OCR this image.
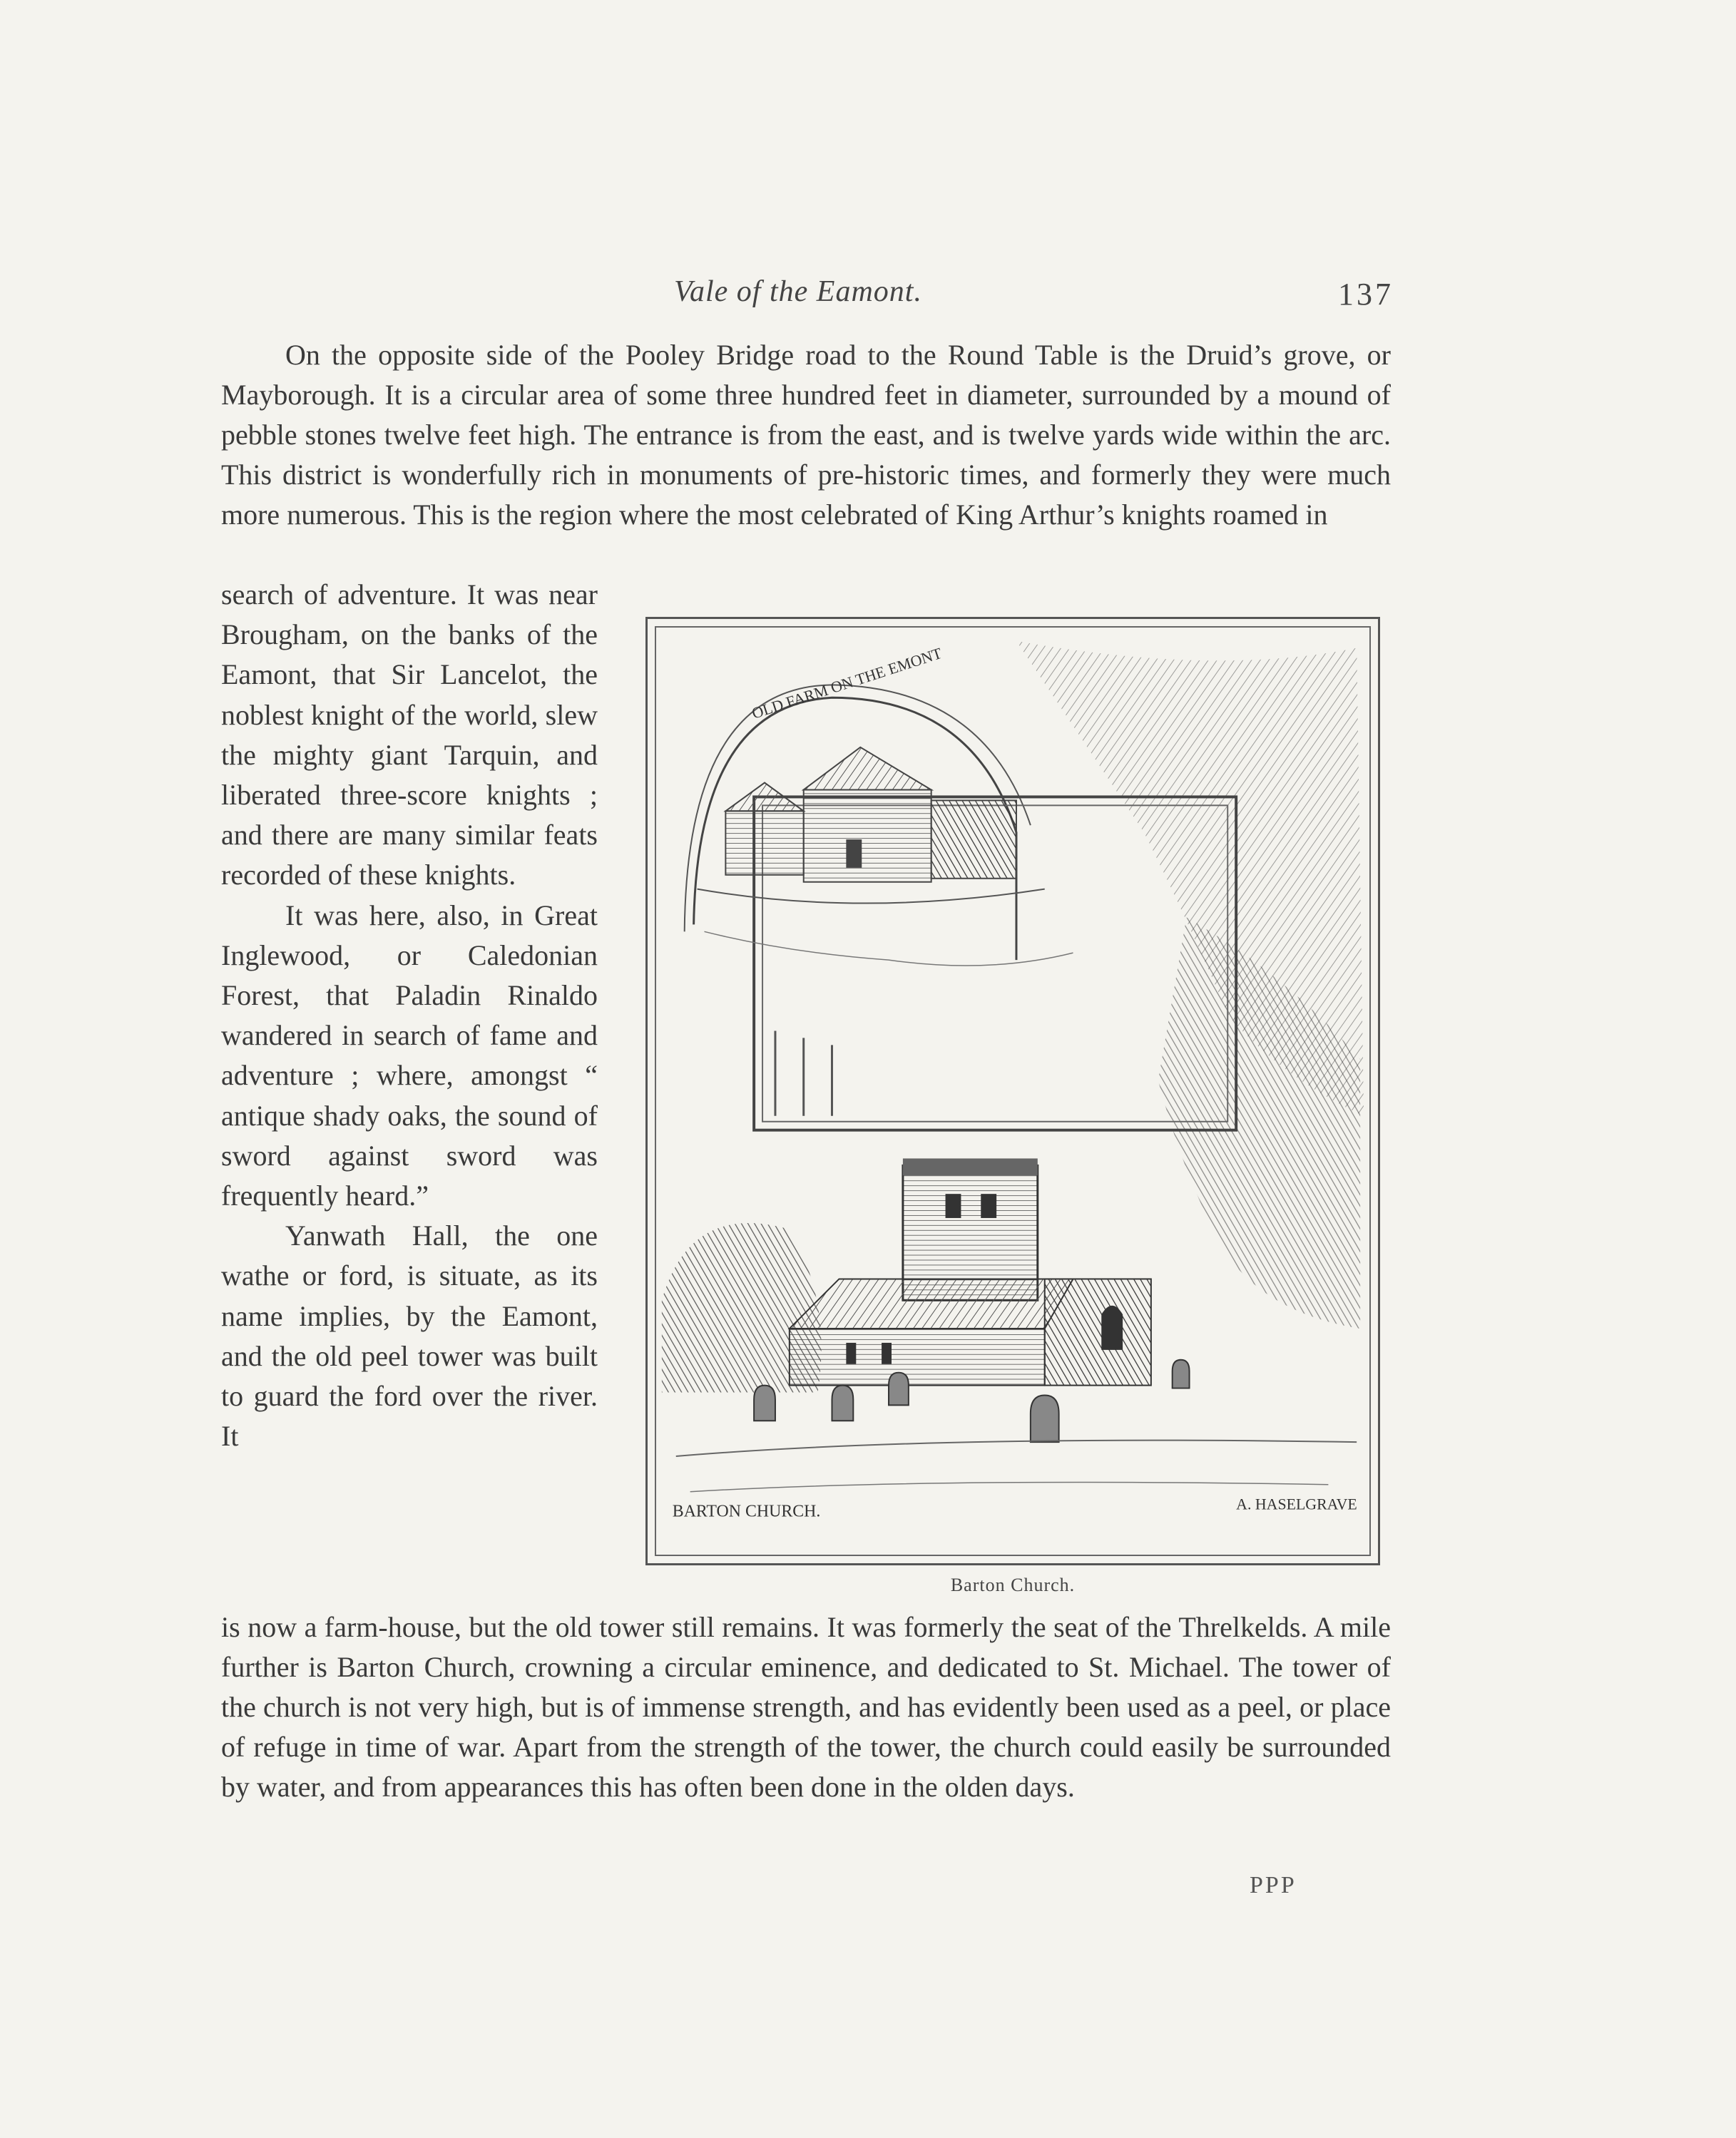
Vale of the Eamont.	137

On the opposite side of the Pooley Bridge road to the Round Table is the Druid’s grove, or Mayborough. It is a circular area of some three hundred feet in diameter, surrounded by a mound of pebble stones twelve feet high. The entrance is from the east, and is twelve yards wide within the arc. This district is wonderfully rich in monuments of pre-historic times, and formerly they were much more numerous. This is the region where the most celebrated of King Arthur’s knights roamed in

search of adventure. It was near Brougham, on the banks of the Eamont, that Sir Lancelot, the noblest knight of the world, slew the mighty giant Tarquin, and liberated three-score knights ; and there are many similar feats recorded of these knights.

It was here, also, in Great Inglewood, or Caledonian Forest, that Paladin Rinaldo wandered in search of fame and adventure ; where, amongst “ antique shady oaks, the sound of sword against sword was frequently heard.”

Yanwath Hall, the one wathe or ford, is situate, as its name implies, by the Eamont, and the old peel tower was built to guard the ford over the river. It

OLD FARM ON THE EMONT
BARTON CHURCH.	A. HASELGRAVE
Barton Church.

is now a farm-house, but the old tower still remains. It was formerly the seat of the Threlkelds. A mile further is Barton Church, crowning a circular eminence, and dedicated to St. Michael. The tower of the church is not very high, but is of immense strength, and has evidently been used as a peel, or place of refuge in time of war. Apart from the strength of the tower, the church could easily be surrounded by water, and from appearances this has often been done in the olden days.

PPP
